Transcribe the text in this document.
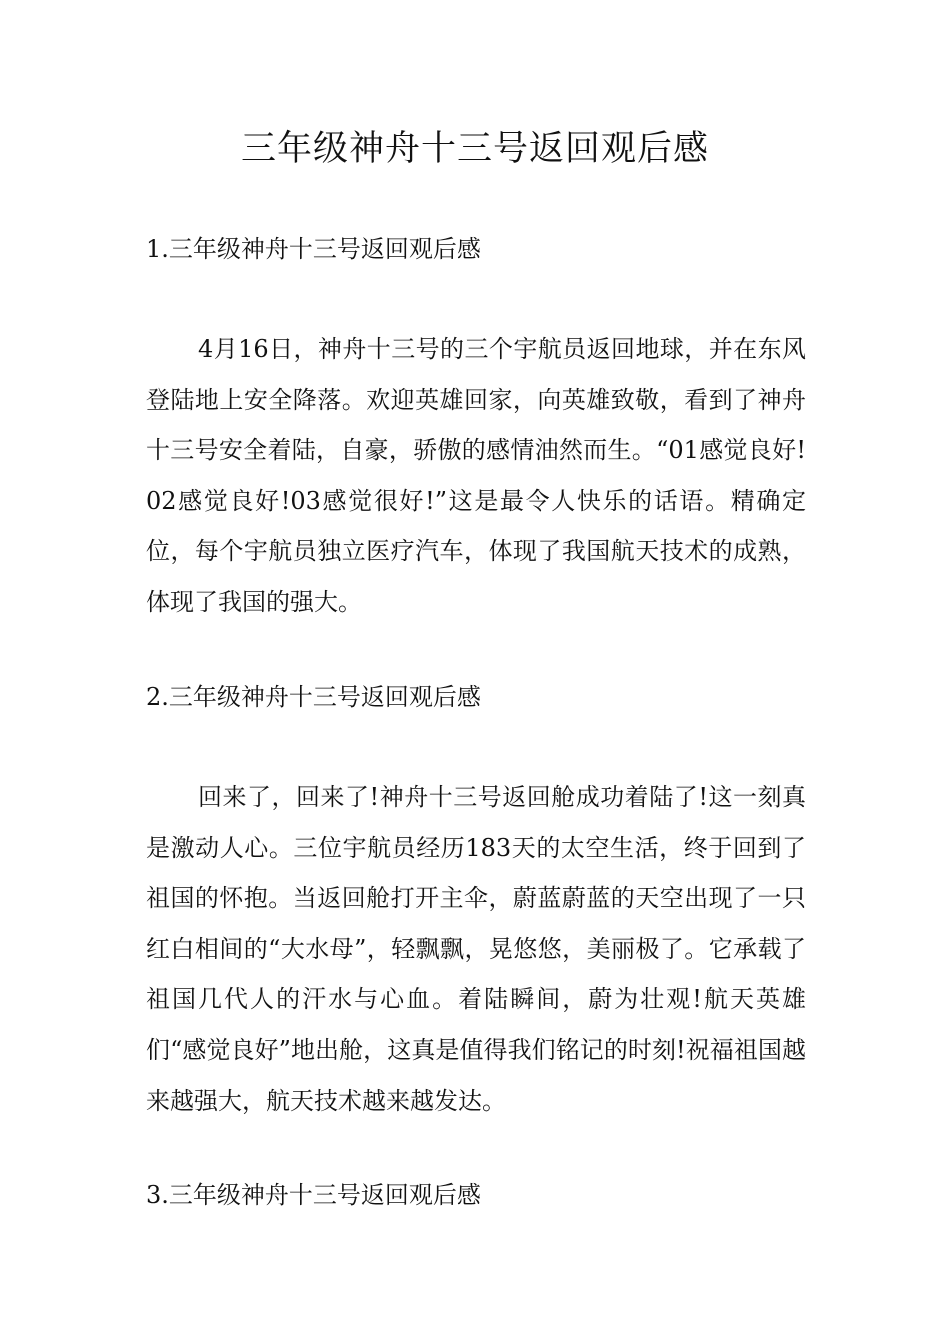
三年级神舟十三号返回观后感
1.三年级神舟十三号返回观后感

4月16日，神舟十三号的三个宇航员返回地球，并在东风登陆地上安全降落。欢迎英雄回家，向英雄致敬，看到了神舟十三号安全着陆，自豪，骄傲的感情油然而生。“01感觉良好!02感觉良好!03感觉很好!”这是最令人快乐的话语。精确定位，每个宇航员独立医疗汽车，体现了我国航天技术的成熟，体现了我国的强大。

2.三年级神舟十三号返回观后感

回来了，回来了!神舟十三号返回舱成功着陆了!这一刻真是激动人心。三位宇航员经历183天的太空生活，终于回到了祖国的怀抱。当返回舱打开主伞，蔚蓝蔚蓝的天空出现了一只红白相间的“大水母”，轻飘飘，晃悠悠，美丽极了。它承载了祖国几代人的汗水与心血。着陆瞬间，蔚为壮观!航天英雄们“感觉良好”地出舱，这真是值得我们铭记的时刻!祝福祖国越来越强大，航天技术越来越发达。

3.三年级神舟十三号返回观后感
